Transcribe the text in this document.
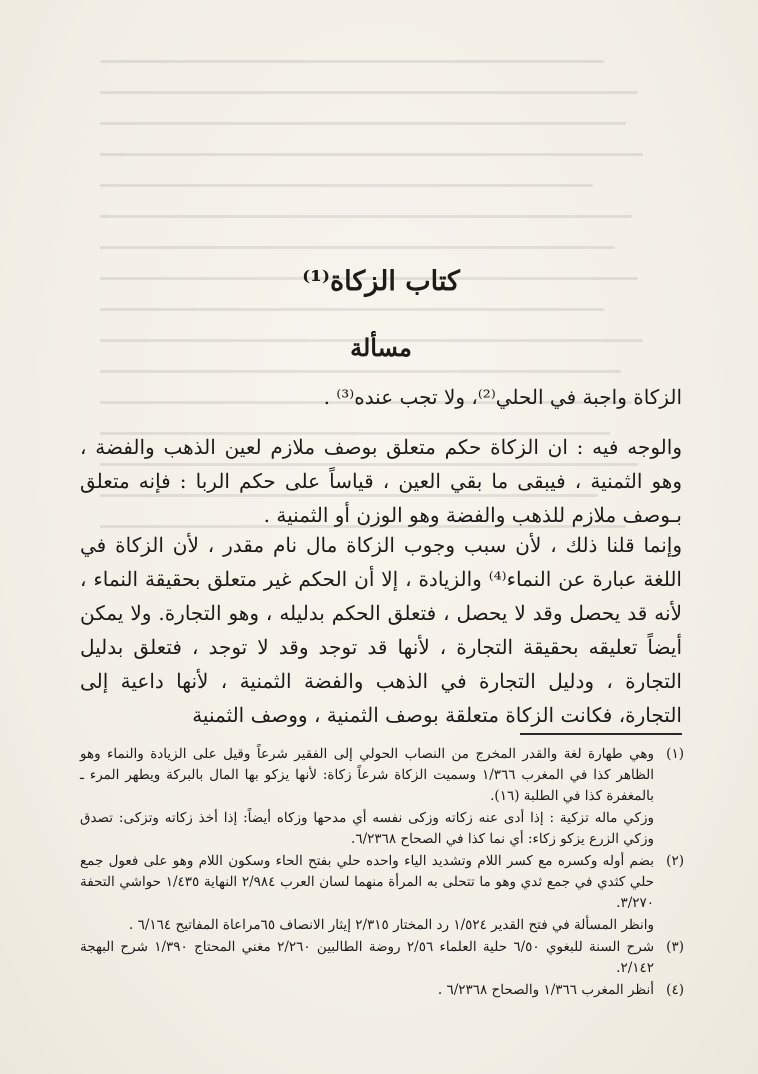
كتاب الزكاة⁽¹⁾
مسألة
الزكاة واجبة في الحلي⁽²⁾، ولا تجب عنده⁽³⁾ .
والوجه فيه : ان الزكاة حكم متعلق بوصف ملازم لعين الذهب والفضة ، وهو الثمنية ، فيبقى ما بقي العين ، قياساً على حكم الربا : فإنه متعلق بـوصف ملازم للذهب والفضة وهو الوزن أو الثمنية .
وإنما قلنا ذلك ، لأن سبب وجوب الزكاة مال نام مقدر ، لأن الزكاة في اللغة عبارة عن النماء⁽⁴⁾ والزيادة ، إلا أن الحكم غير متعلق بحقيقة النماء ، لأنه قد يحصل وقد لا يحصل ، فتعلق الحكم بدليله ، وهو التجارة. ولا يمكن أيضاً تعليقه بحقيقة التجارة ، لأنها قد توجد وقد لا توجد ، فتعلق بدليل التجارة ، ودليل التجارة في الذهب والفضة الثمنية ، لأنها داعية إلى التجارة، فكانت الزكاة متعلقة بوصف الثمنية ، ووصف الثمنية
(١)
وهي طهارة لغة والقدر المخرج من النصاب الحولي إلى الفقير شرعاً وقيل على الزيادة والنماء وهو الظاهر كذا في المغرب ١/٣٦٦ وسميت الزكاة شرعاً زكاة: لأنها يزكو بها المال بالبركة ويطهر المرء ـ بالمغفرة كذا في الطلبة (١٦).
وزكي ماله تزكية : إذا أدى عنه زكاته وزكى نفسه أي مدحها وزكاه أيضاً: إذا أخذ زكاته وتزكى: تصدق وزكي الزرع يزكو زكاء: أي نما كذا في الصحاح ٦/٢٣٦٨.
(٢)
بضم أوله وكسره مع كسر اللام وتشديد الياء واحده حلي بفتح الحاء وسكون اللام وهو على فعول جمع حلي كثدي في جمع ثدي وهو ما تتحلى به المرأة منهما لسان العرب ٢/٩٨٤ النهاية ١/٤٣٥ حواشي التحفة ٣/٢٧٠.
وانظر المسألة في فتح القدير ١/٥٢٤ رد المختار ٢/٣١٥ إيثار الانصاف ٦٥مراعاة المفاتيح ٦/١٦٤ .
(٣)
شرح السنة للبغوي ٦/٥٠ حلية العلماء ٢/٥٦ روضة الطالبين ٢/٢٦٠ مغني المحتاج ١/٣٩٠ شرح البهجة ٢/١٤٢.
(٤)
أنظر المغرب ١/٣٦٦ والصحاح ٦/٢٣٦٨ .
